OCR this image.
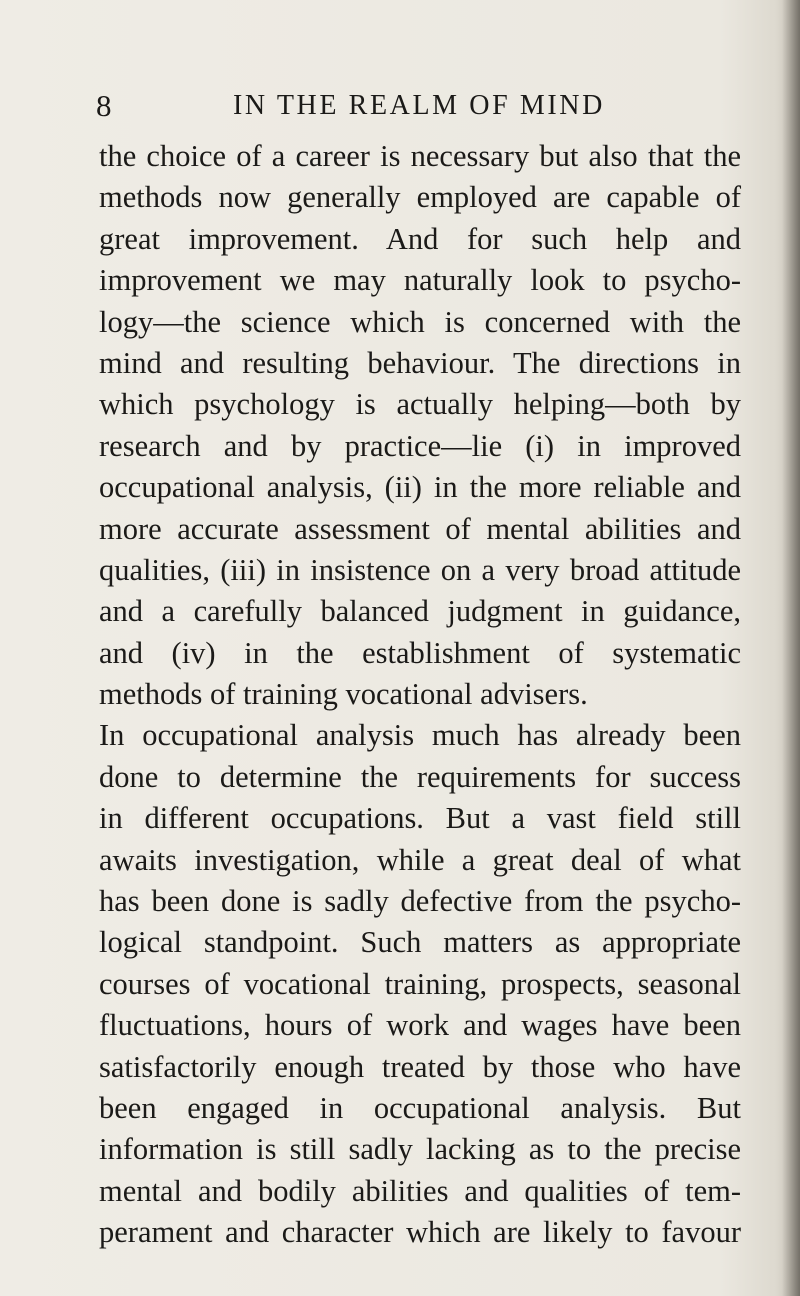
8	IN THE REALM OF MIND
the choice of a career is necessary but also that the
methods now generally employed are capable of
great improvement. And for such help and
improvement we may naturally look to psycho-
logy—the science which is concerned with the
mind and resulting behaviour. The directions in
which psychology is actually helping—both by
research and by practice—lie (i) in improved
occupational analysis, (ii) in the more reliable and
more accurate assessment of mental abilities and
qualities, (iii) in insistence on a very broad attitude
and a carefully balanced judgment in guidance,
and (iv) in the establishment of systematic
methods of training vocational advisers.
In occupational analysis much has already been
done to determine the requirements for success
in different occupations. But a vast field still
awaits investigation, while a great deal of what
has been done is sadly defective from the psycho-
logical standpoint. Such matters as appropriate
courses of vocational training, prospects, seasonal
fluctuations, hours of work and wages have been
satisfactorily enough treated by those who have
been engaged in occupational analysis. But
information is still sadly lacking as to the precise
mental and bodily abilities and qualities of tem-
perament and character which are likely to favour
